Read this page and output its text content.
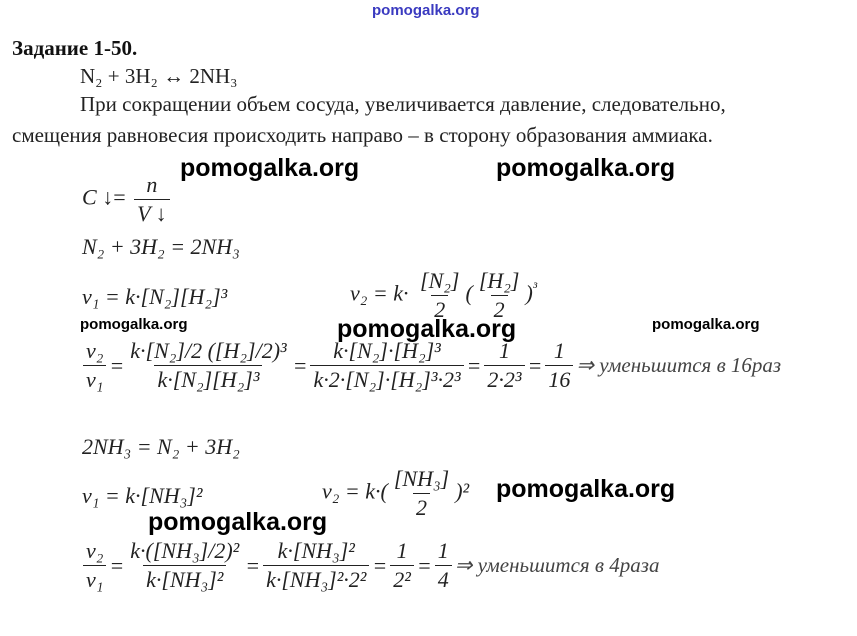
pomogalka.org
Задание 1-50.
N₂ + 3H₂ ↔ 2NH₃
При сокращении объем сосуда, увеличивается давление, следовательно,
смещения равновесия происходить направо – в сторону образования аммиака.
pomogalka.org	pomogalka.org
pomogalka.org	pomogalka.org	pomogalka.org
pomogalka.org
pomogalka.org
C ↓= $\frac{n}{V ↓}$
N₂ + 3H₂ = 2NH₃
v₁ = k·[N₂][H₂]³	$v_2 = k\cdot \frac{\text{[N₂]}}{2}$ ( $\frac{\text{[H₂]}}{2} )^{^3}$
$\frac{\text{v₂}}{\text{v₁}} = \frac{\text{k·[N₂]/2 ([H₂]/2)³}}{\text{k·[N₂][H₂]³}} = \frac{\text{k·[N₂]·[H₂]³}}{\text{k·2·[N₂]·[H₂]³·2³}} = \frac{1}{\text{2·2³}} = \frac{1}{16}$ ⇒ уменьшится в 16раз
2NH₃ = N₂ + 3H₂
v₁ = k·[NH₃]²	$v_2 = k\cdot( \frac{\text{[NH₃]}}{2} )^2$
$\frac{\text{v₂}}{\text{v₁}} = \frac{\text{k·([NH₃]/2)²}}{\text{k·[NH₃]²}} = \frac{\text{k·[NH₃]²}}{\text{k·[NH₃]²·2²}} = \frac{1}{\text{2²}} = \frac{1}{4}$ ⇒ уменьшится в 4раза
